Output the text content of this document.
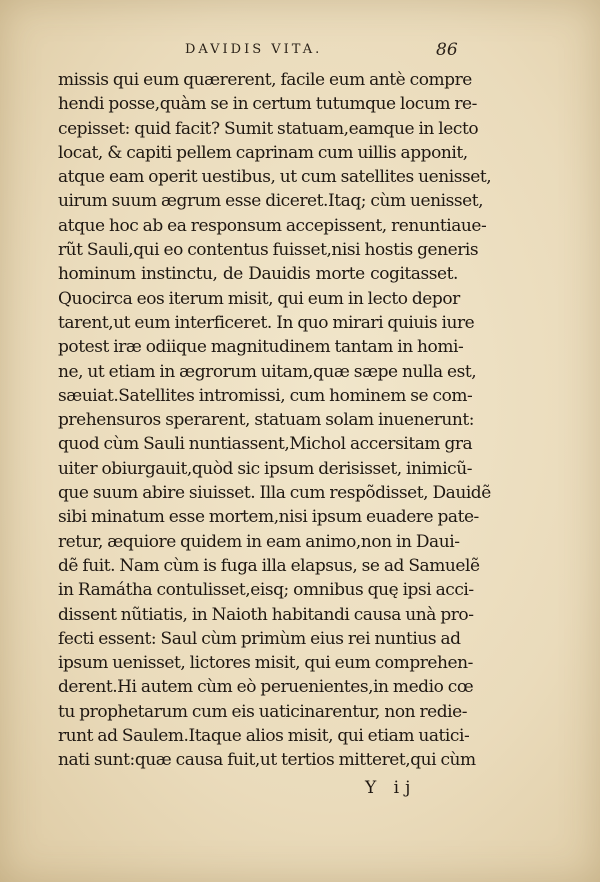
DAVIDIS VITA.	86
missis qui eum quærerent, facile eum antè compre
hendi posse,quàm se in certum tutumque locum re-
cepisset: quid facit? Sumit statuam,eamque in lecto
locat, & capiti pellem caprinam cum uillis apponit,
atque eam operit uestibus, ut cum satellites uenisset,
uirum suum ægrum esse diceret.Itaq; cùm uenisset,
atque hoc ab ea responsum accepissent, renuntiaue-
rũt Sauli,qui eo contentus fuisset,nisi hostis generis
hominum instinctu, de Dauidis morte cogitasset.
Quocirca eos iterum misit, qui eum in lecto depor
tarent,ut eum interficeret. In quo mirari quiuis iure
potest iræ odiique magnitudinem tantam in homi-
ne, ut etiam in ægrorum uitam,quæ sæpe nulla est,
sæuiat.Satellites intromissi, cum hominem se com-
prehensuros sperarent, statuam solam inuenerunt:
quod cùm Sauli nuntiassent,Michol accersitam gra
uiter obiurgauit,quòd sic ipsum derisisset, inimicũ-
que suum abire siuisset. Illa cum respõdisset, Dauidẽ
sibi minatum esse mortem,nisi ipsum euadere pate-
retur, æquiore quidem in eam animo,non in Daui-
dẽ fuit. Nam cùm is fuga illa elapsus, se ad Samuelẽ
in Ramátha contulisset,eisq; omnibus quę ipsi acci-
dissent nũtiatis, in Naioth habitandi causa unà pro-
fecti essent: Saul cùm primùm eius rei nuntius ad
ipsum uenisset, lictores misit, qui eum comprehen-
derent.Hi autem cùm eò peruenientes,in medio cœ
tu prophetarum cum eis uaticinarentur, non redie-
runt ad Saulem.Itaque alios misit, qui etiam uatici-
nati sunt:quæ causa fuit,ut tertios mitteret,qui cùm
Y ij
